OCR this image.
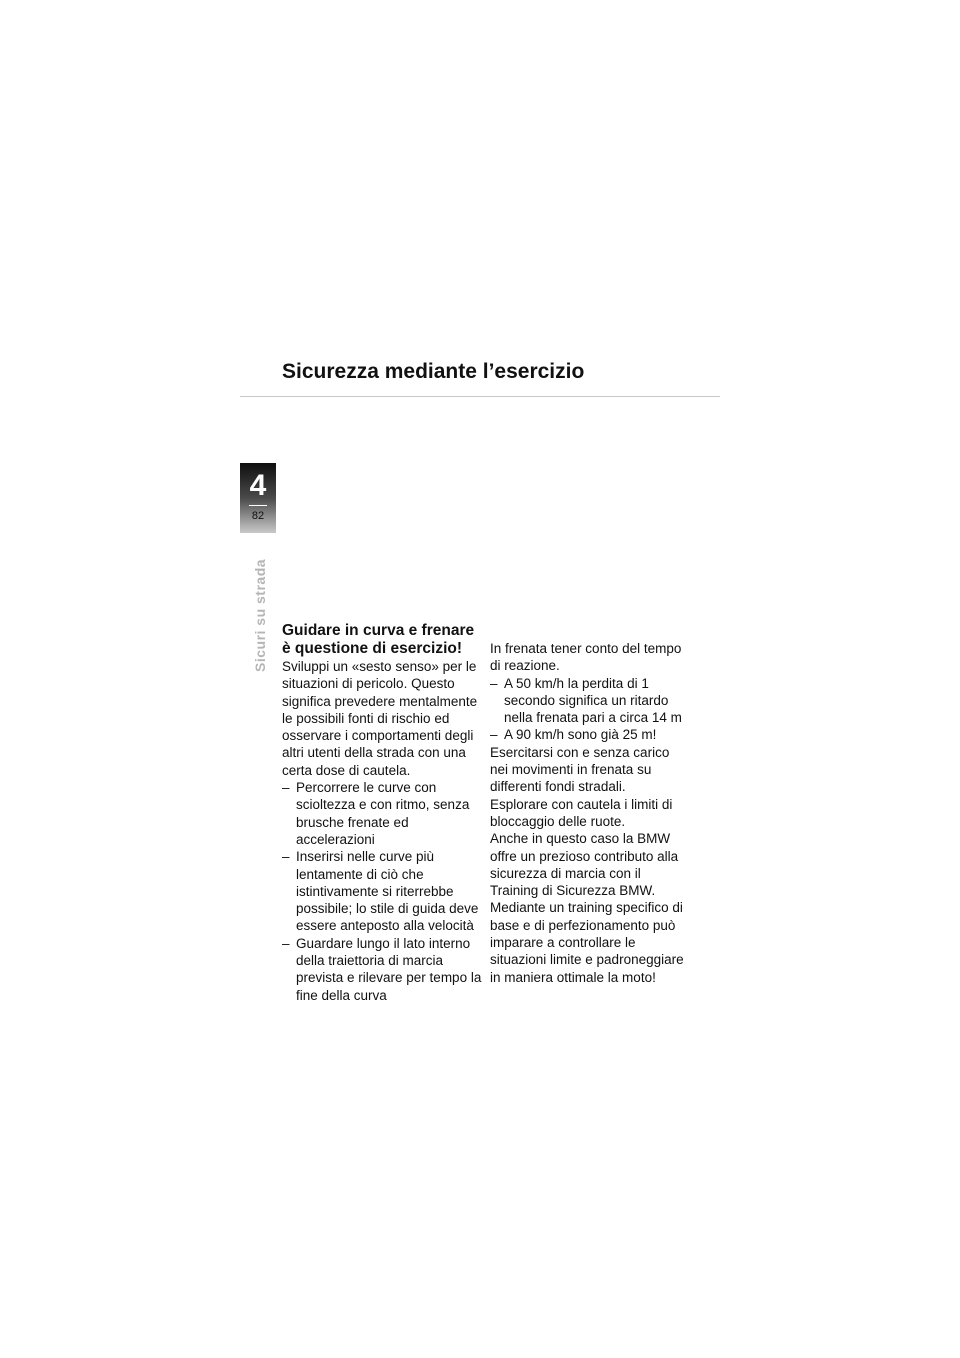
Sicurezza mediante l’esercizio
4
82
Sicuri su strada Guidare in curva e frenare
è questione di esercizio!

Sviluppi un «sesto senso» per le situazioni di pericolo. Questo significa prevedere mentalmente le possibili fonti di rischio ed osservare i comportamenti degli altri utenti della strada con una certa dose di cautela.

– Percorrere le curve con scioltezza e con ritmo, senza brusche frenate ed accelerazioni
– Inserirsi nelle curve più lentamente di ciò che istintivamente si riterrebbe possibile; lo stile di guida deve essere anteposto alla velocità
– Guardare lungo il lato interno della traiettoria di marcia prevista e rilevare per tempo la fine della curva

In frenata tener conto del tempo di reazione.

– A 50 km/h la perdita di 1 secondo significa un ritardo nella frenata pari a circa 14 m
– A 90 km/h sono già 25 m!

Esercitarsi con e senza carico nei movimenti in frenata su differenti fondi stradali.

Esplorare con cautela i limiti di bloccaggio delle ruote.

Anche in questo caso la BMW offre un prezioso contributo alla sicurezza di marcia con il Training di Sicurezza BMW.

Mediante un training specifico di base e di perfezionamento può imparare a controllare le situazioni limite e padroneggiare in maniera ottimale la moto!
